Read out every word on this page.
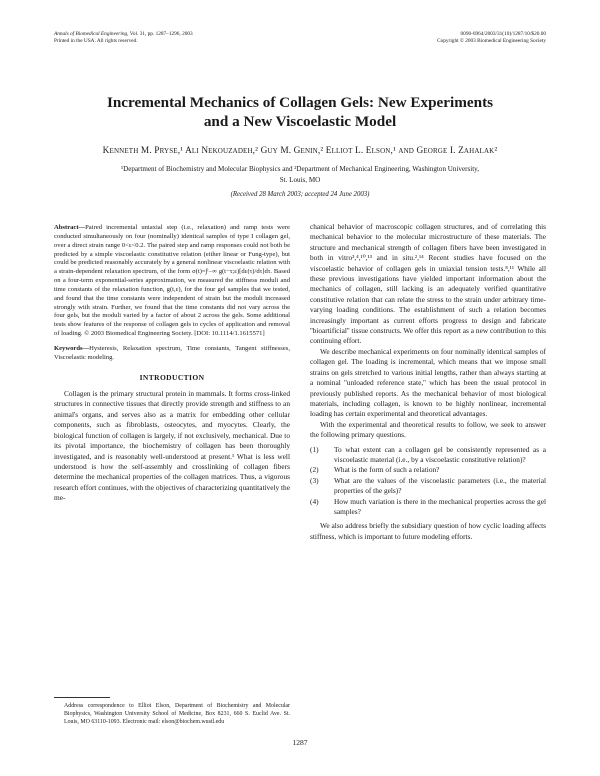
Annals of Biomedical Engineering, Vol. 31, pp. 1287–1296, 2003
Printed in the USA. All rights reserved.
0090-6964/2003/31(10)/1287/10/$20.00
Copyright © 2003 Biomedical Engineering Society
Incremental Mechanics of Collagen Gels: New Experiments
and a New Viscoelastic Model
Kenneth M. Pryse,¹ Ali Nekouzadeh,² Guy M. Genin,² Elliot L. Elson,¹ and George I. Zahalak²
¹Department of Biochemistry and Molecular Biophysics and ²Department of Mechanical Engineering, Washington University,
St. Louis, MO
(Received 28 March 2003; accepted 24 June 2003)

Abstract—Paired incremental uniaxial step (i.e., relaxation) and ramp tests were conducted simultaneously on four (nominally) identical samples of type I collagen gel, over a direct strain range 0<ε<0.2. The paired step and ramp responses could not both be predicted by a simple viscoelastic constitutive relation (either linear or Fung-type), but could be predicted reasonably accurately by a general nonlinear viscoelastic relation with a strain-dependent relaxation spectrum, of the form σ(t)=∫ᵗ₋∞ g(t−τ;ε)[dε(τ)/dτ]dτ. Based on a four-term exponential-series approximation, we measured the stiffness moduli and time constants of the relaxation function, g(t,ε), for the four gel samples that we tested, and found that the time constants were independent of strain but the moduli increased strongly with strain. Further, we found that the time constants did not vary across the four gels, but the moduli varied by a factor of about 2 across the gels. Some additional tests show features of the response of collagen gels to cycles of application and removal of loading. © 2003 Biomedical Engineering Society. [DOI: 10.1114/1.1615571]

Keywords—Hysteresis, Relaxation spectrum, Time constants, Tangent stiffnesses, Viscoelastic modeling.

INTRODUCTION

Collagen is the primary structural protein in mammals. It forms cross-linked structures in connective tissues that directly provide strength and stiffness to an animal's organs, and serves also as a matrix for embedding other cellular components, such as fibroblasts, osteocytes, and myocytes. Clearly, the biological function of collagen is largely, if not exclusively, mechanical. Due to its pivotal importance, the biochemistry of collagen has been thoroughly investigated, and is reasonably well-understood at present.¹ What is less well understood is how the self-assembly and crosslinking of collagen fibers determine the mechanical properties of the collagen matrices. Thus, a vigorous research effort continues, with the objectives of characterizing quantitatively the me-

chanical behavior of macroscopic collagen structures, and of correlating this mechanical behavior to the molecular microstructure of these materials. The structure and mechanical strength of collagen fibers have been investigated in both in vitro³,⁴,¹⁰,¹³ and in situ.²,¹⁴ Recent studies have focused on the viscoelastic behavior of collagen gels in uniaxial tension tests.⁸,¹¹ While all these previous investigations have yielded important information about the mechanics of collagen, still lacking is an adequately verified quantitative constitutive relation that can relate the stress to the strain under arbitrary time-varying loading conditions. The establishment of such a relation becomes increasingly important as current efforts progress to design and fabricate ''bioartificial'' tissue constructs. We offer this report as a new contribution to this continuing effort.

We describe mechanical experiments on four nominally identical samples of collagen gel. The loading is incremental, which means that we impose small strains on gels stretched to various initial lengths, rather than always starting at a nominal ''unloaded reference state,'' which has been the usual protocol in previously published reports. As the mechanical behavior of most biological materials, including collagen, is known to be highly nonlinear, incremental loading has certain experimental and theoretical advantages.

With the experimental and theoretical results to follow, we seek to answer the following primary questions.

(1)	To what extent can a collagen gel be consistently represented as a viscoelastic material (i.e., by a viscoelastic constitutive relation)?
(2)	What is the form of such a relation?
(3)	What are the values of the viscoelastic parameters (i.e., the material properties of the gels)?
(4)	How much variation is there in the mechanical properties across the gel samples?

We also address briefly the subsidiary question of how cyclic loading affects stiffness, which is important to future modeling efforts.

Address correspondence to Elliot Elson, Department of Biochemistry and Molecular Biophysics, Washington University School of Medicine, Box 8231, 660 S. Euclid Ave. St. Louis, MO 63110-1093. Electronic mail: elson@biochem.wustl.edu
1287
